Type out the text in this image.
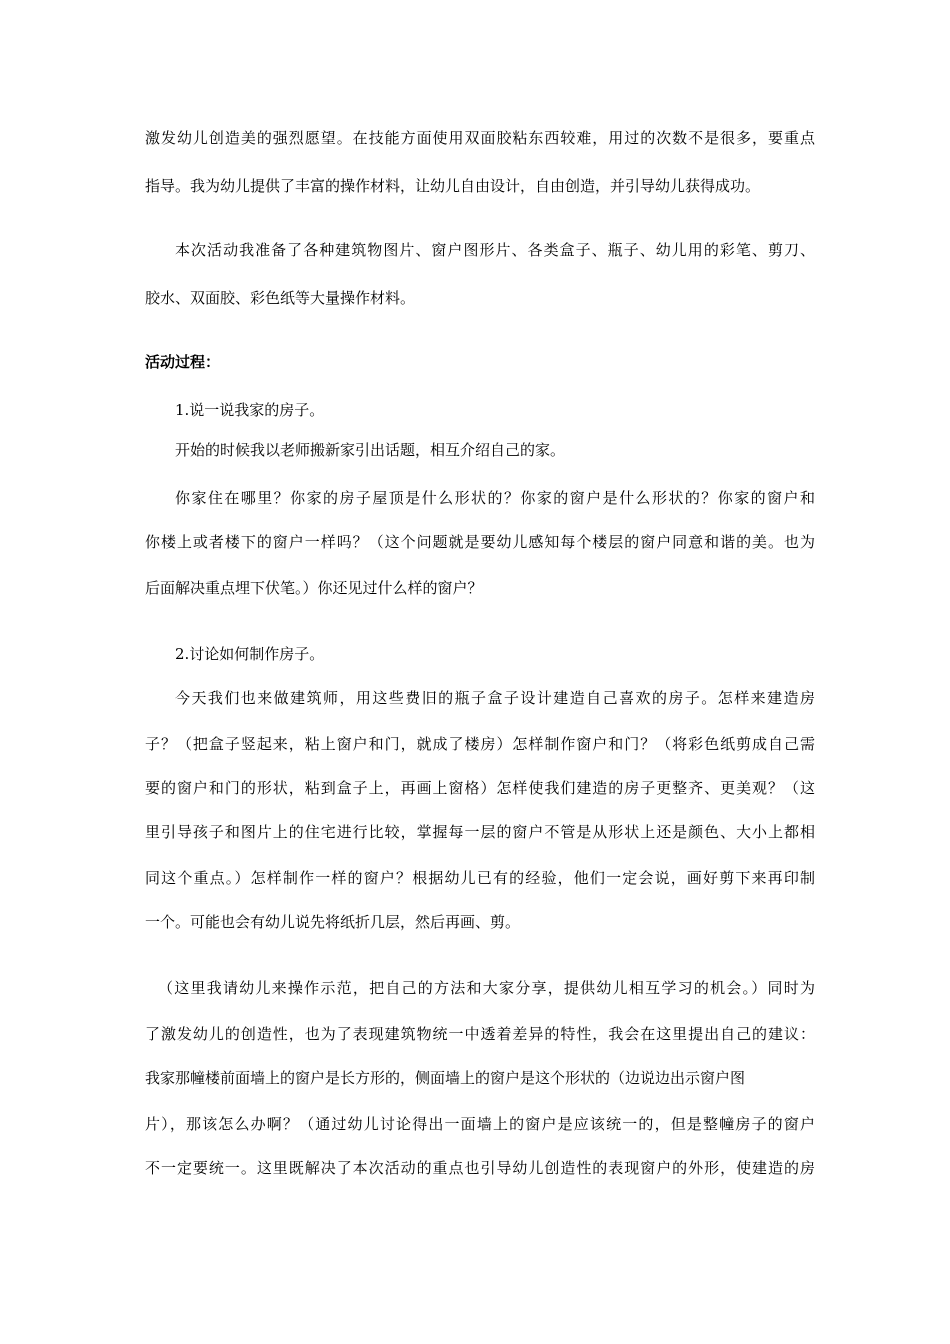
激发幼儿创造美的强烈愿望。在技能方面使用双面胶粘东西较难，用过的次数不是很多，要重点
指导。我为幼儿提供了丰富的操作材料，让幼儿自由设计，自由创造，并引导幼儿获得成功。
本次活动我准备了各种建筑物图片、窗户图形片、各类盒子、瓶子、幼儿用的彩笔、剪刀、
胶水、双面胶、彩色纸等大量操作材料。
活动过程：
1.说一说我家的房子。
开始的时候我以老师搬新家引出话题，相互介绍自己的家。
你家住在哪里？你家的房子屋顶是什么形状的？你家的窗户是什么形状的？你家的窗户和
你楼上或者楼下的窗户一样吗？（这个问题就是要幼儿感知每个楼层的窗户同意和谐的美。也为
后面解决重点埋下伏笔。）你还见过什么样的窗户？
2.讨论如何制作房子。
今天我们也来做建筑师，用这些费旧的瓶子盒子设计建造自己喜欢的房子。怎样来建造房
子？（把盒子竖起来，粘上窗户和门，就成了楼房）怎样制作窗户和门？（将彩色纸剪成自己需
要的窗户和门的形状，粘到盒子上，再画上窗格）怎样使我们建造的房子更整齐、更美观？（这
里引导孩子和图片上的住宅进行比较，掌握每一层的窗户不管是从形状上还是颜色、大小上都相
同这个重点。）怎样制作一样的窗户？根据幼儿已有的经验，他们一定会说，画好剪下来再印制
一个。可能也会有幼儿说先将纸折几层，然后再画、剪。
（这里我请幼儿来操作示范，把自己的方法和大家分享，提供幼儿相互学习的机会。）同时为
了激发幼儿的创造性，也为了表现建筑物统一中透着差异的特性，我会在这里提出自己的建议：
我家那幢楼前面墙上的窗户是长方形的，侧面墙上的窗户是这个形状的（边说边出示窗户图
片），那该怎么办啊？（通过幼儿讨论得出一面墙上的窗户是应该统一的，但是整幢房子的窗户
不一定要统一。这里既解决了本次活动的重点也引导幼儿创造性的表现窗户的外形，使建造的房
